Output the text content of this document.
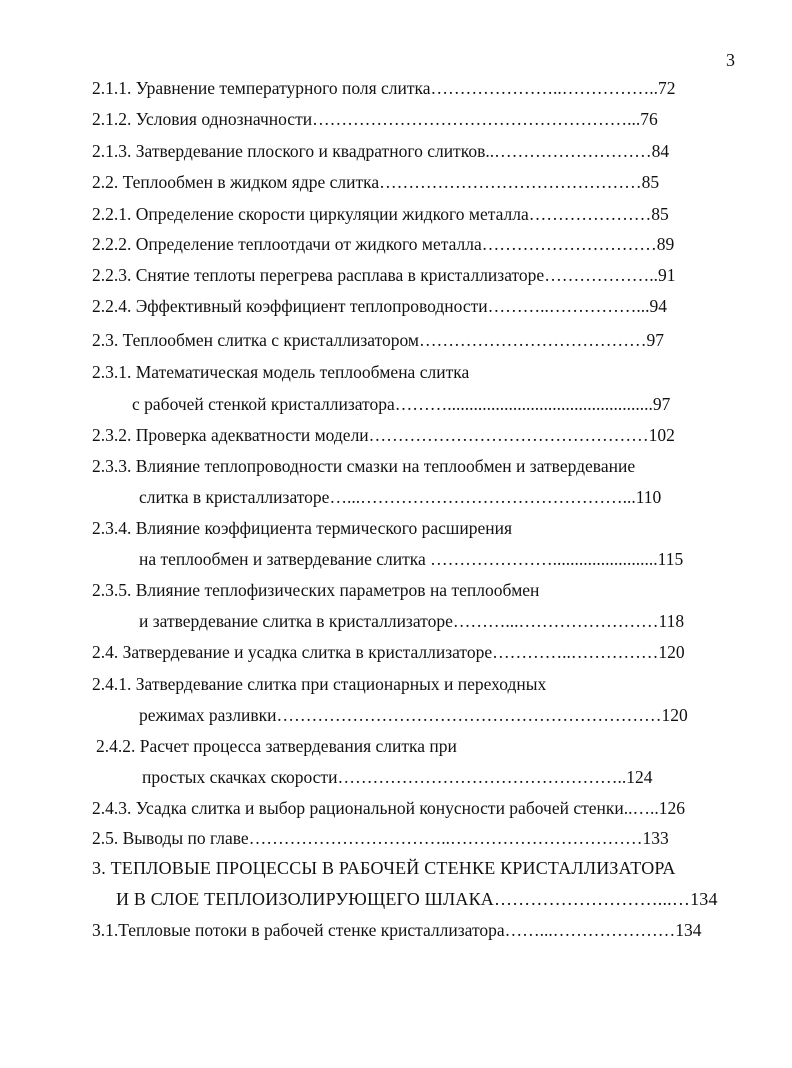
3
2.1.1. Уравнение температурного поля слитка…………………..……………..72
2.1.2. Условия однозначности………………………………………………...76
2.1.3. Затвердевание плоского и квадратного слитков..………………………84
2.2. Теплообмен в жидком ядре слитка………………………………………85
2.2.1. Определение скорости циркуляции жидкого металла…………………85
2.2.2. Определение теплоотдачи от жидкого металла…………………………89
2.2.3. Снятие теплоты перегрева расплава в кристаллизаторе………………..91
2.2.4. Эффективный коэффициент теплопроводности………..……………...94
2.3. Теплообмен слитка с кристаллизатором…………………………………97
2.3.1. Математическая модель теплообмена слитка
с рабочей стенкой кристаллизатора………...............................................97
2.3.2. Проверка адекватности модели…………………………………………102
2.3.3. Влияние теплопроводности смазки на теплообмен и затвердевание
слитка в кристаллизаторе…...………………………………………...110
2.3.4. Влияние коэффициента термического расширения
на теплообмен и затвердевание слитка …………………........................115
2.3.5. Влияние теплофизических параметров на теплообмен
и затвердевание слитка в кристаллизаторе………...……………………118
2.4. Затвердевание и усадка слитка в кристаллизаторе…………..……………120
2.4.1. Затвердевание слитка при стационарных и переходных
режимах разливки…………………………………………………………120
2.4.2. Расчет процесса затвердевания слитка при
простых скачках скорости…………………………………………..124
2.4.3. Усадка слитка и выбор рациональной конусности рабочей стенки..…..126
2.5. Выводы по главе……………………………..……………………………133
3. ТЕПЛОВЫЕ ПРОЦЕССЫ В РАБОЧЕЙ СТЕНКЕ КРИСТАЛЛИЗАТОРА
И В СЛОЕ ТЕПЛОИЗОЛИРУЮЩЕГО ШЛАКА………………………...…134
3.1.Тепловые потоки в рабочей стенке кристаллизатора……...…………………134
